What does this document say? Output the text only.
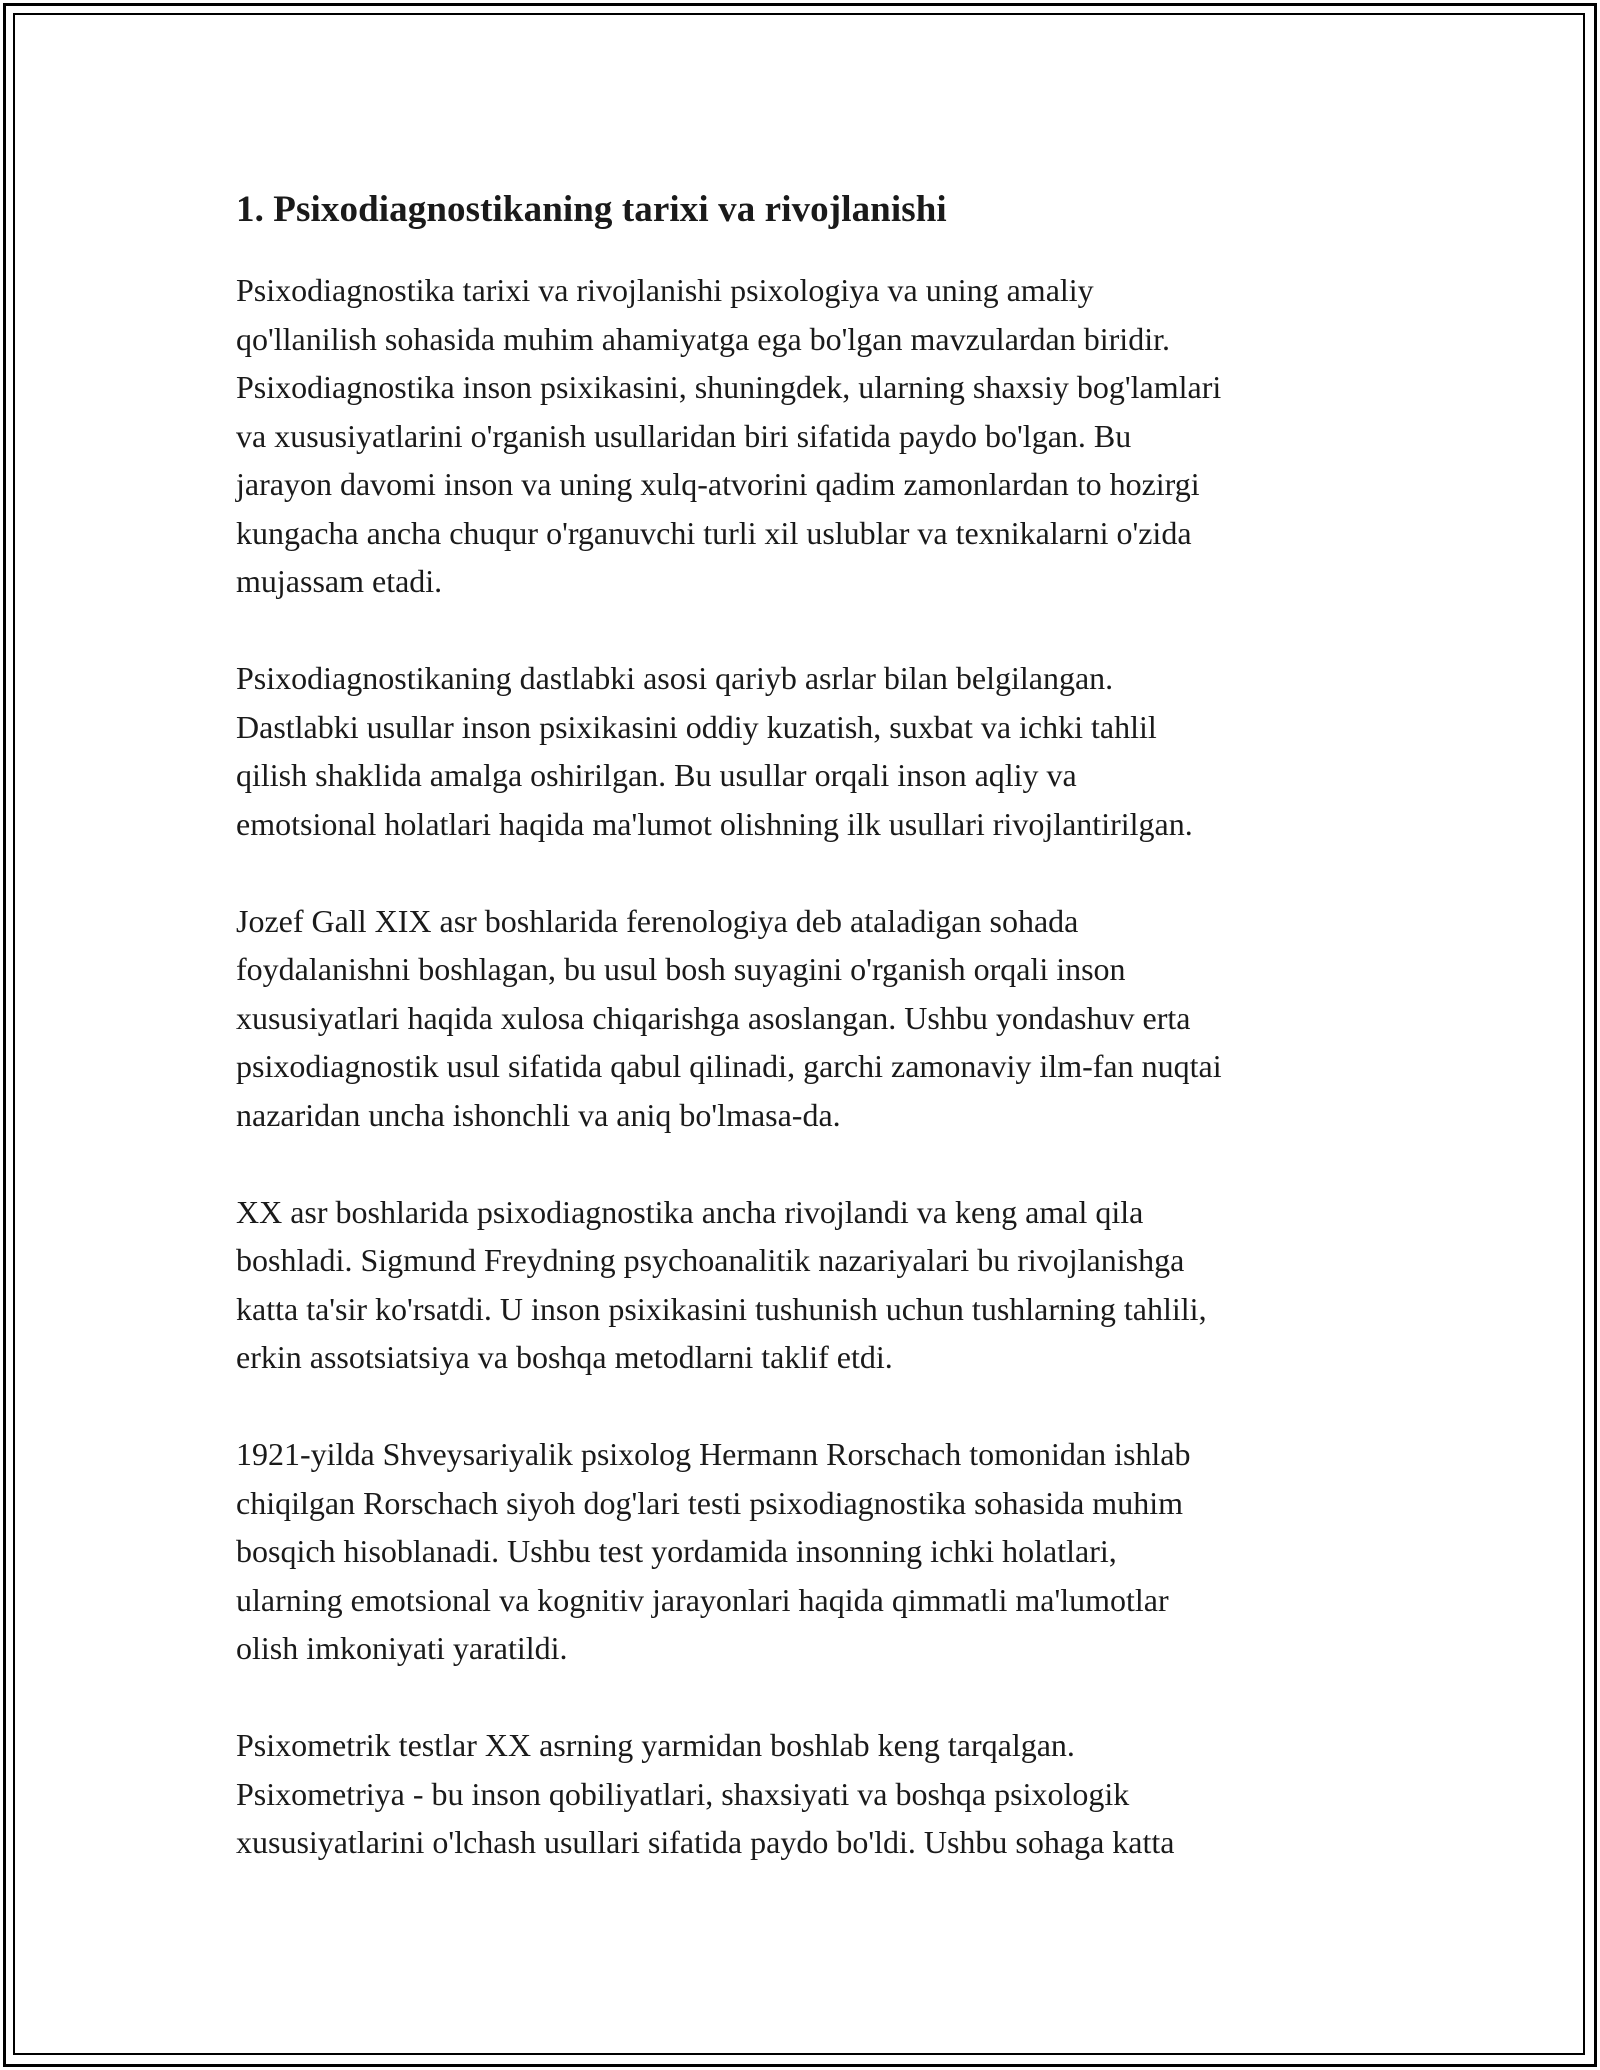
1. Psixodiagnostikaning tarixi va rivojlanishi

Psixodiagnostika tarixi va rivojlanishi psixologiya va uning amaliy
qo'llanilish sohasida muhim ahamiyatga ega bo'lgan mavzulardan biridir.
Psixodiagnostika inson psixikasini, shuningdek, ularning shaxsiy bog'lamlari
va xususiyatlarini o'rganish usullaridan biri sifatida paydo bo'lgan. Bu
jarayon davomi inson va uning xulq-atvorini qadim zamonlardan to hozirgi
kungacha ancha chuqur o'rganuvchi turli xil uslublar va texnikalarni o'zida
mujassam etadi.

Psixodiagnostikaning dastlabki asosi qariyb asrlar bilan belgilangan.
Dastlabki usullar inson psixikasini oddiy kuzatish, suxbat va ichki tahlil
qilish shaklida amalga oshirilgan. Bu usullar orqali inson aqliy va
emotsional holatlari haqida ma'lumot olishning ilk usullari rivojlantirilgan.

Jozef Gall XIX asr boshlarida ferenologiya deb ataladigan sohada
foydalanishni boshlagan, bu usul bosh suyagini o'rganish orqali inson
xususiyatlari haqida xulosa chiqarishga asoslangan. Ushbu yondashuv erta
psixodiagnostik usul sifatida qabul qilinadi, garchi zamonaviy ilm-fan nuqtai
nazaridan uncha ishonchli va aniq bo'lmasa-da.

XX asr boshlarida psixodiagnostika ancha rivojlandi va keng amal qila
boshladi. Sigmund Freydning psychoanalitik nazariyalari bu rivojlanishga
katta ta'sir ko'rsatdi. U inson psixikasini tushunish uchun tushlarning tahlili,
erkin assotsiatsiya va boshqa metodlarni taklif etdi.

1921-yilda Shveysariyalik psixolog Hermann Rorschach tomonidan ishlab
chiqilgan Rorschach siyoh dog'lari testi psixodiagnostika sohasida muhim
bosqich hisoblanadi. Ushbu test yordamida insonning ichki holatlari,
ularning emotsional va kognitiv jarayonlari haqida qimmatli ma'lumotlar
olish imkoniyati yaratildi.

Psixometrik testlar XX asrning yarmidan boshlab keng tarqalgan.
Psixometriya - bu inson qobiliyatlari, shaxsiyati va boshqa psixologik
xususiyatlarini o'lchash usullari sifatida paydo bo'ldi. Ushbu sohaga katta
